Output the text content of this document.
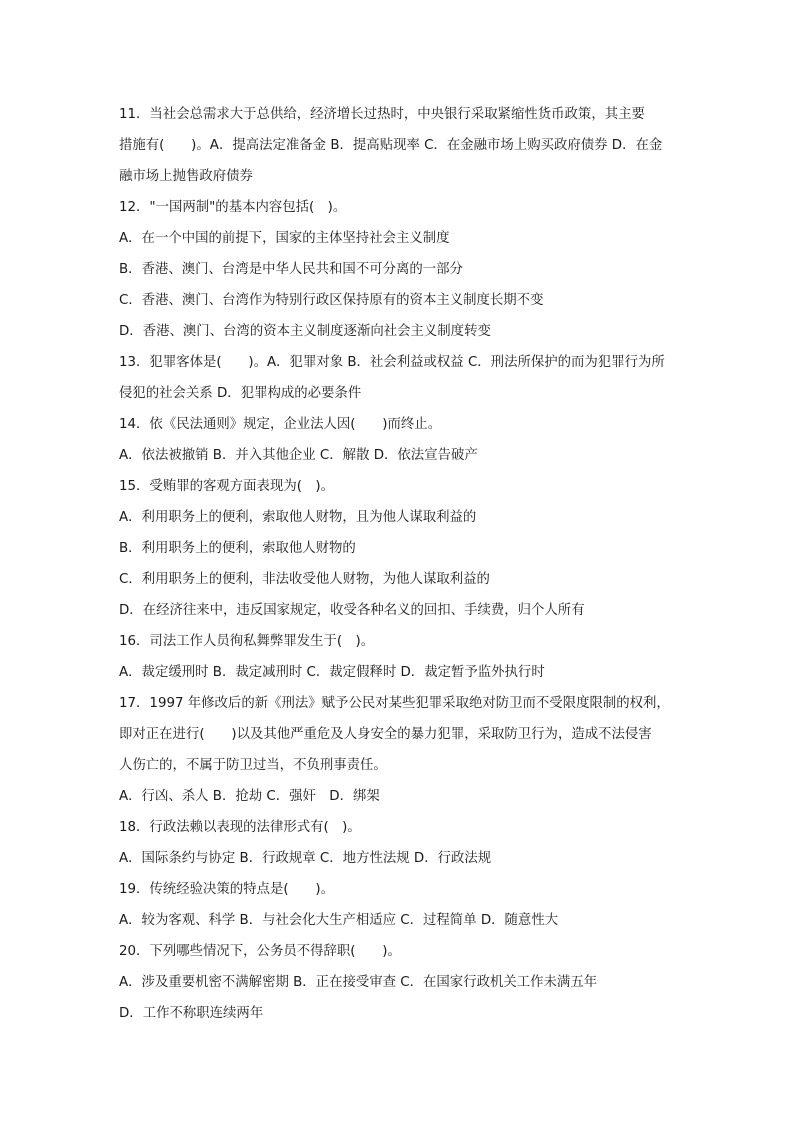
11．当社会总需求大于总供给，经济增长过热时，中央银行采取紧缩性货币政策，其主要
措施有(　　)。A．提高法定准备金 B．提高贴现率 C．在金融市场上购买政府债券 D．在金
融市场上抛售政府债券
12．"一国两制"的基本内容包括(　)。
A．在一个中国的前提下，国家的主体坚持社会主义制度
B．香港、澳门、台湾是中华人民共和国不可分离的一部分
C．香港、澳门、台湾作为特别行政区保持原有的资本主义制度长期不变
D．香港、澳门、台湾的资本主义制度逐渐向社会主义制度转变
13．犯罪客体是(　　)。A．犯罪对象 B．社会利益或权益 C．刑法所保护的而为犯罪行为所
侵犯的社会关系 D．犯罪构成的必要条件
14．依《民法通则》规定，企业法人因(　　)而终止。
A．依法被撤销 B．并入其他企业 C．解散 D．依法宣告破产
15．受贿罪的客观方面表现为(　)。
A．利用职务上的便利，索取他人财物，且为他人谋取利益的
B．利用职务上的便利，索取他人财物的
C．利用职务上的便利，非法收受他人财物，为他人谋取利益的
D．在经济往来中，违反国家规定，收受各种名义的回扣、手续费，归个人所有
16．司法工作人员徇私舞弊罪发生于(　)。
A．裁定缓刑时 B．裁定减刑时 C．裁定假释时 D．裁定暂予监外执行时
17．1997 年修改后的新《刑法》赋予公民对某些犯罪采取绝对防卫而不受限度限制的权利，
即对正在进行(　　)以及其他严重危及人身安全的暴力犯罪，采取防卫行为，造成不法侵害
人伤亡的，不属于防卫过当，不负刑事责任。
A．行凶、杀人 B．抢劫 C．强奸　D．绑架
18．行政法赖以表现的法律形式有(　)。
A．国际条约与协定 B．行政规章 C．地方性法规 D．行政法规
19．传统经验决策的特点是(　　)。
A．较为客观、科学 B．与社会化大生产相适应 C．过程简单 D．随意性大
20．下列哪些情况下，公务员不得辞职(　　)。
A．涉及重要机密不满解密期 B．正在接受审查 C．在国家行政机关工作未满五年
D．工作不称职连续两年
